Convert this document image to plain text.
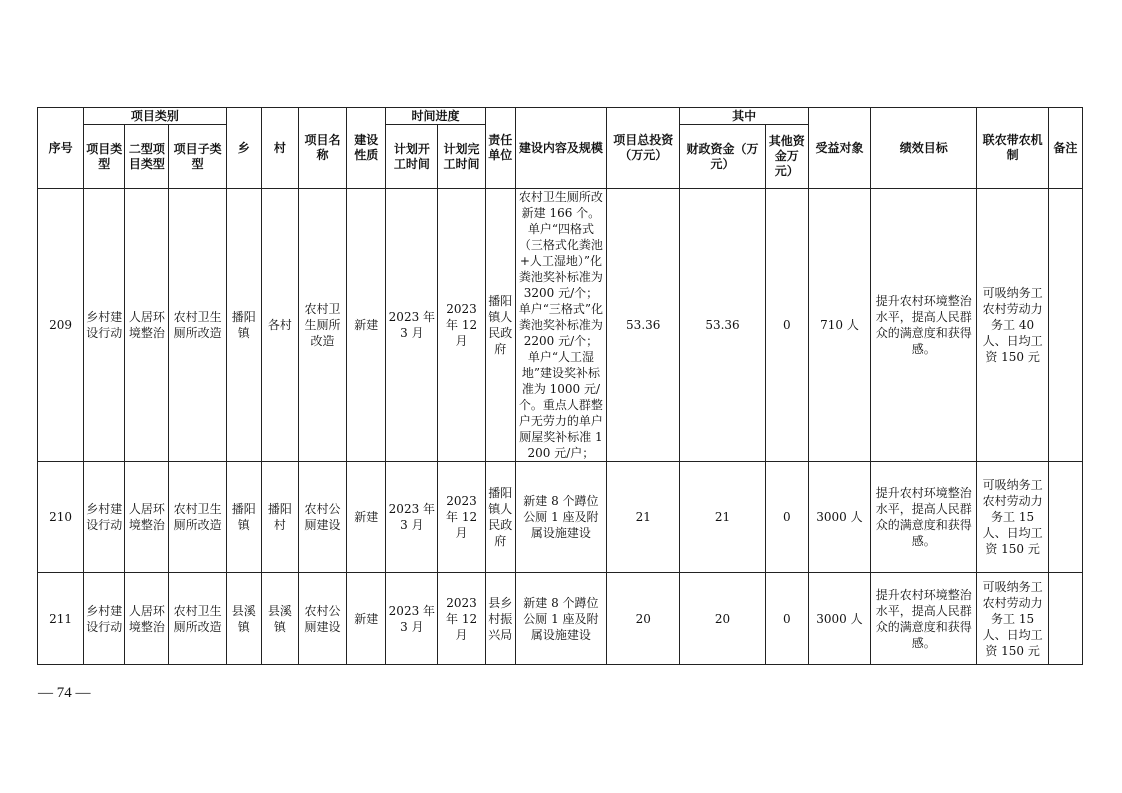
序号	项目类别			乡	村	项目名称	建设性质	时间进度		责任单位	建设内容及规模	项目总投资（万元）	其中		受益对象	绩效目标	联农带农机制	备注
	项目类型	二型项目类型	项目子类型					计划开工时间	计划完工时间				财政资金（万元）	其他资金万元）				
209	乡村建设行动	人居环境整治	农村卫生厕所改造	播阳镇	各村	农村卫生厕所改造	新建	2023 年 3 月	2023 年 12 月	播阳镇人民政府	农村卫生厕所改新建 166 个。单户“四格式（三格式化粪池+人工湿地）”化粪池奖补标准为 3200 元/个；单户“三格式”化粪池奖补标准为 2200 元/个；单户“人工湿地”建设奖补标准为 1000 元/个。重点人群整户无劳力的单户厕屋奖补标准 1200 元/户；	53.36	53.36	0	710 人	提升农村环境整治水平，提高人民群众的满意度和获得感。	可吸纳务工农村劳动力务工 40 人、日均工资 150 元	
210	乡村建设行动	人居环境整治	农村卫生厕所改造	播阳镇	播阳村	农村公厕建设	新建	2023 年 3 月	2023 年 12 月	播阳镇人民政府	新建 8 个蹲位公厕 1 座及附属设施建设	21	21	0	3000 人	提升农村环境整治水平，提高人民群众的满意度和获得感。	可吸纳务工农村劳动力务工 15 人、日均工资 150 元	
211	乡村建设行动	人居环境整治	农村卫生厕所改造	县溪镇	县溪镇	农村公厕建设	新建	2023 年 3 月	2023 年 12 月	县乡村振兴局	新建 8 个蹲位公厕 1 座及附属设施建设	20	20	0	3000 人	提升农村环境整治水平，提高人民群众的满意度和获得感。	可吸纳务工农村劳动力务工 15 人、日均工资 150 元	
— 74 —
